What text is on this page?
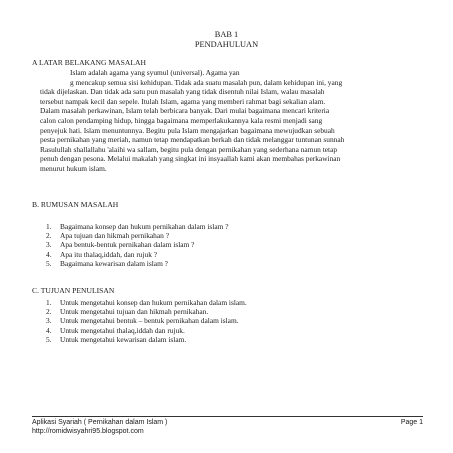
BAB 1
PENDAHULUAN
A LATAR BELAKANG MASALAH
Islam adalah agama yang syumul (universal). Agama yan
g mencakup semua sisi kehidupan. Tidak ada suatu masalah pun, dalam kehidupan ini, yang
tidak dijelaskan. Dan tidak ada satu pun masalah yang tidak disentuh nilai Islam, walau masalah
tersebut nampak kecil dan sepele. Itulah Islam, agama yang memberi rahmat bagi sekalian alam.
Dalam masalah perkawinan, Islam telah berbicara banyak. Dari mulai bagaimana mencari kriteria
calon calon pendamping hidup, hingga bagaimana memperlakukannya kala resmi menjadi sang
penyejuk hati. Islam menuntunnya. Begitu pula Islam mengajarkan bagaimana mewujudkan sebuah
pesta pernikahan yang meriah, namun tetap mendapatkan berkah dan tidak melanggar tuntunan sunnah
Rasulullah shallallahu 'alaihi wa sallam, begitu pula dengan pernikahan yang sederhana namun tetap
penuh dengan pesona. Melalui makalah yang singkat ini insyaallah kami akan membahas perkawinan
menurut hukum islam.
B. RUMUSAN MASALAH
1. Bagaimana konsep dan hukum pernikahan dalam islam ?
2. Apa tujuan dan hikmah pernikahan ?
3. Apa bentuk-bentuk pernikahan dalam islam ?
4. Apa itu thalaq,iddah, dan rujuk ?
5. Bagaimana kewarisan dalam islam ?
C. TUJUAN PENULISAN
1. Untuk mengetahui konsep dan hukum pernikahan dalam islam.
2. Untuk mengetahui tujuan dan hikmah pernikahan.
3. Untuk mengetahui bentuk – bentuk pernikahan dalam islam.
4. Untuk mengetahui thalaq,iddah dan rujuk.
5. Untuk mengetahui kewarisan dalam islam.
Aplikasi Syariah ( Pernikahan dalam Islam )
http://romidwisyahri95.blogspot.com
Page 1
